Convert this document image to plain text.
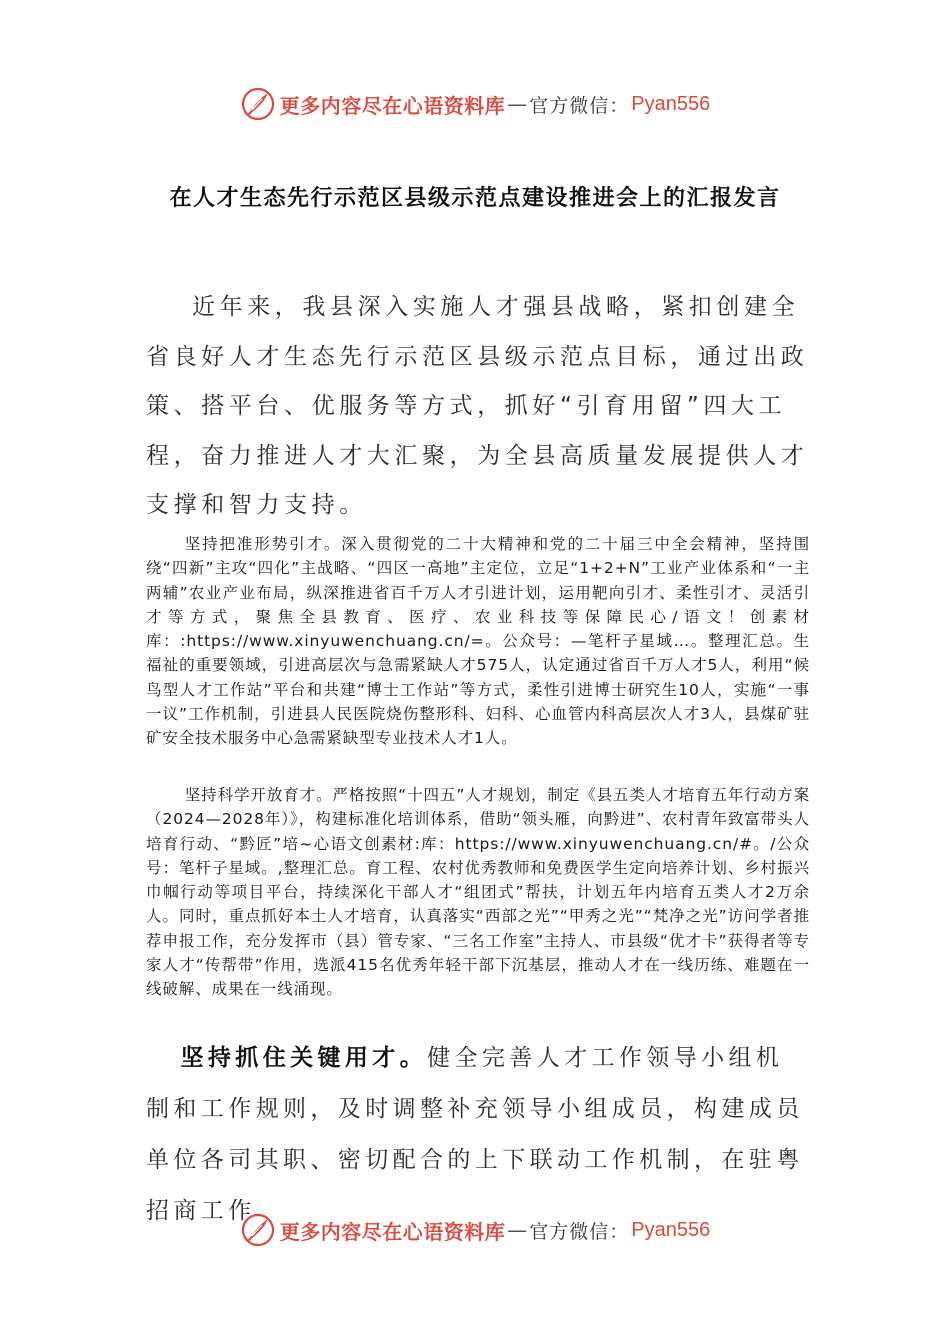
更多内容尽在心语资料库 — 官方微信： Pyan556
在人才生态先行示范区县级示范点建设推进会上的汇报发言

近年来，我县深入实施人才强县战略，紧扣创建全省良好人才生态先行示范区县级示范点目标，通过出政策、搭平台、优服务等方式，抓好“引育用留”四大工程，奋力推进人才大汇聚，为全县高质量发展提供人才支撑和智力支持。

坚持把准形势引才。深入贯彻党的二十大精神和党的二十届三中全会精神，坚持围绕“四新”主攻“四化”主战略、“四区一高地”主定位，立足“1+2+N”工业产业体系和“一主两辅”农业产业布局，纵深推进省百千万人才引进计划，运用靶向引才、柔性引才、灵活引才等方式，聚焦全县教育、医疗、农业科技等保障民心/语文！创素材库：:https://www.xinyuwenchuang.cn/=。公众号：—笔杆子星域…。整理汇总。生福祉的重要领域，引进高层次与急需紧缺人才575人，认定通过省百千万人才5人，利用“候鸟型人才工作站”平台和共建“博士工作站”等方式，柔性引进博士研究生10人，实施“一事一议”工作机制，引进县人民医院烧伤整形科、妇科、心血管内科高层次人才3人，县煤矿驻矿安全技术服务中心急需紧缺型专业技术人才1人。

坚持科学开放育才。严格按照“十四五”人才规划，制定《县五类人才培育五年行动方案（2024—2028年）》，构建标准化培训体系，借助“领头雁，向黔进”、农村青年致富带头人培育行动、“黔匠”培~心语文创素材:库：https://www.xinyuwenchuang.cn/#。/公众号：笔杆子星域。,整理汇总。育工程、农村优秀教师和免费医学生定向培养计划、乡村振兴巾帼行动等项目平台，持续深化干部人才“组团式”帮扶，计划五年内培育五类人才2万余人。同时，重点抓好本土人才培育，认真落实“西部之光”“甲秀之光”“梵净之光”访问学者推荐申报工作，充分发挥市（县）管专家、“三名工作室”主持人、市县级“优才卡”获得者等专家人才“传帮带”作用，选派415名优秀年轻干部下沉基层，推动人才在一线历练、难题在一线破解、成果在一线涌现。

坚持抓住关键用才。健全完善人才工作领导小组机制和工作规则，及时调整补充领导小组成员，构建成员单位各司其职、密切配合的上下联动工作机制，在驻粤招商工作

更多内容尽在心语资料库 — 官方微信： Pyan556
